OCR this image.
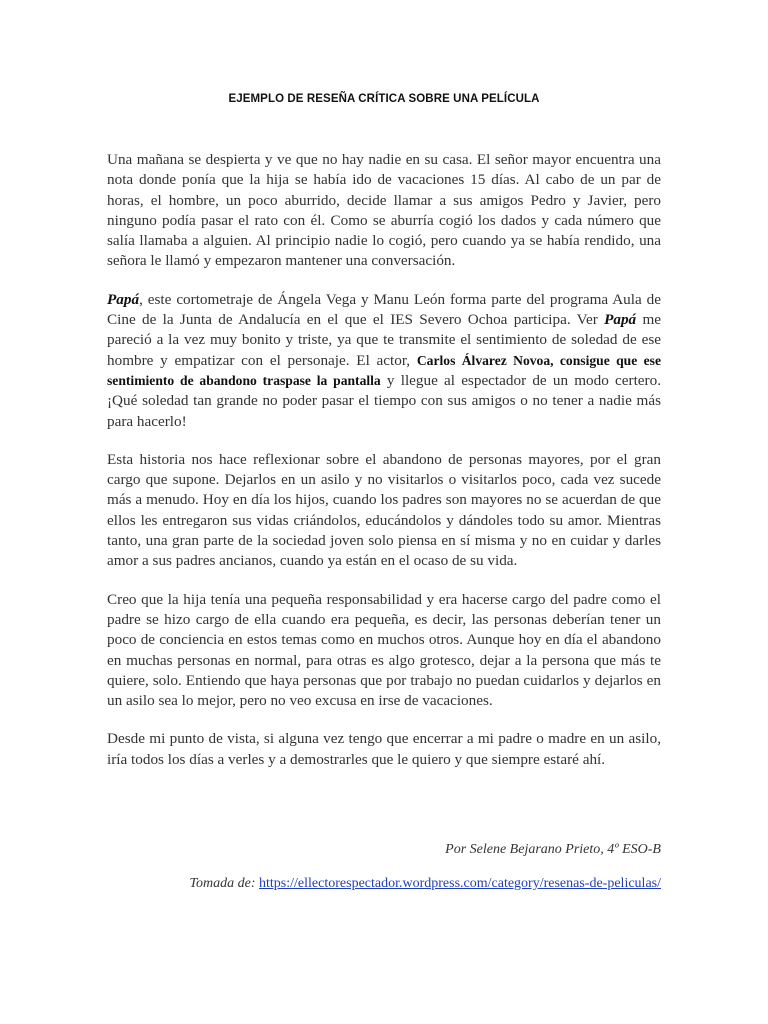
EJEMPLO DE RESEÑA CRÍTICA SOBRE UNA PELÍCULA

Una mañana se despierta y ve que no hay nadie en su casa. El señor mayor encuentra una nota donde ponía que la hija se había ido de vacaciones 15 días. Al cabo de un par de horas, el hombre, un poco aburrido, decide llamar a sus amigos Pedro y Javier, pero ninguno podía pasar el rato con él. Como se aburría cogió los dados y cada número que salía llamaba a alguien. Al principio nadie lo cogió, pero cuando ya se había rendido, una señora le llamó y empezaron mantener una conversación.

Papá, este cortometraje de Ángela Vega y Manu León forma parte del programa Aula de Cine de la Junta de Andalucía en el que el IES Severo Ochoa participa. Ver Papá me pareció a la vez muy bonito y triste, ya que te transmite el sentimiento de soledad de ese hombre y empatizar con el personaje. El actor, Carlos Álvarez Novoa, consigue que ese sentimiento de abandono traspase la pantalla y llegue al espectador de un modo certero. ¡Qué soledad tan grande no poder pasar el tiempo con sus amigos o no tener a nadie más para hacerlo!

Esta historia nos hace reflexionar sobre el abandono de personas mayores, por el gran cargo que supone. Dejarlos en un asilo y no visitarlos o visitarlos poco, cada vez sucede más a menudo. Hoy en día los hijos, cuando los padres son mayores no se acuerdan de que ellos les entregaron sus vidas criándolos, educándolos y dándoles todo su amor. Mientras tanto, una gran parte de la sociedad joven solo piensa en sí misma y no en cuidar y darles amor a sus padres ancianos, cuando ya están en el ocaso de su vida.

Creo que la hija tenía una pequeña responsabilidad y era hacerse cargo del padre como el padre se hizo cargo de ella cuando era pequeña, es decir, las personas deberían tener un poco de conciencia en estos temas como en muchos otros. Aunque hoy en día el abandono en muchas personas en normal, para otras es algo grotesco, dejar a la persona que más te quiere, solo. Entiendo que haya personas que por trabajo no puedan cuidarlos y dejarlos en un asilo sea lo mejor, pero no veo excusa en irse de vacaciones.

Desde mi punto de vista, si alguna vez tengo que encerrar a mi padre o madre en un asilo, iría todos los días a verles y a demostrarles que le quiero y que siempre estaré ahí.

Por Selene Bejarano Prieto, 4º ESO-B
Tomada de: https://ellectorespectador.wordpress.com/category/resenas-de-peliculas/
